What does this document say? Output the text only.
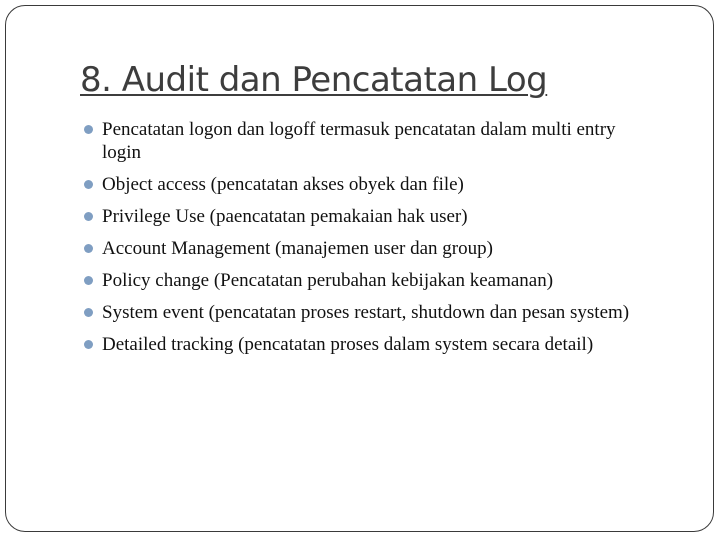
8. Audit dan Pencatatan Log
Pencatatan logon dan logoff termasuk pencatatan dalam multi entry login
Object access (pencatatan akses obyek dan file)
Privilege Use (paencatatan pemakaian hak user)
Account Management (manajemen user dan group)
Policy change (Pencatatan perubahan kebijakan keamanan)
System event (pencatatan proses restart, shutdown dan pesan system)
Detailed tracking (pencatatan proses dalam system secara detail)
